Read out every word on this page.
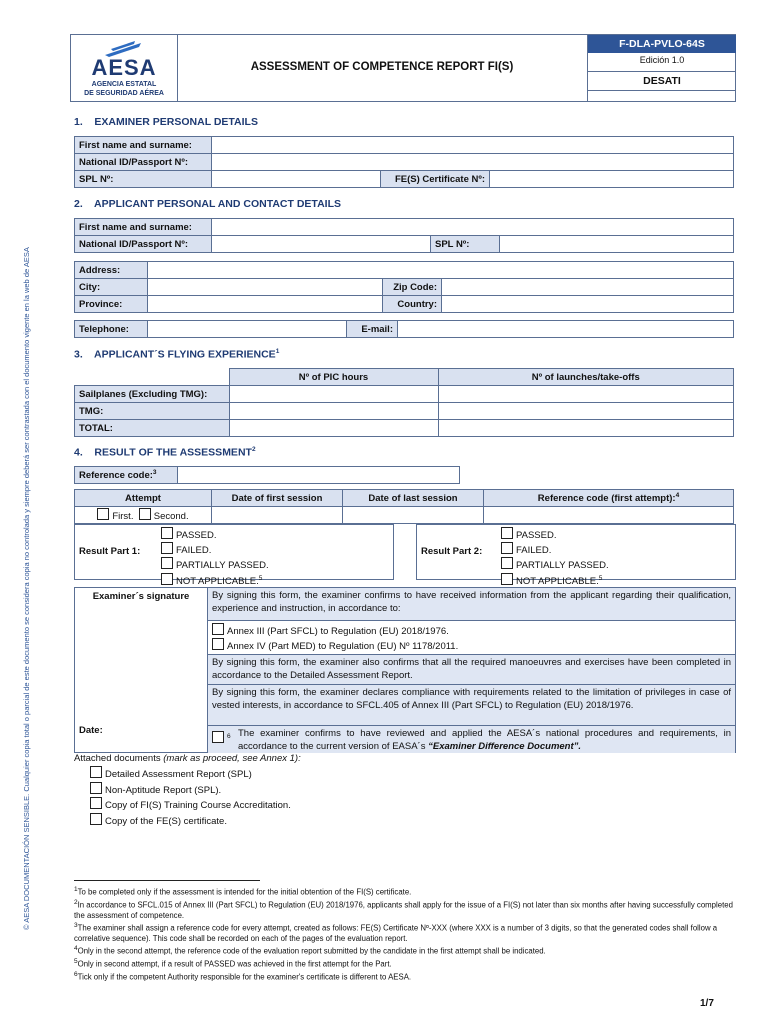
© AESA DOCUMENTACIÓN SENSIBLE. Cualquier copia total o parcial de este documento se considera copia no controlada y siempre deberá ser contrastada con el documento vigente en la web de AESA
AESA
AGENCIA ESTATAL
DE SEGURIDAD AÉREA
ASSESSMENT OF COMPETENCE REPORT FI(S)
F-DLA-PVLO-64S
Edición 1.0
DESATI
1.    EXAMINER PERSONAL DETAILS
First name and surname:			
National ID/Passport Nº:			
SPL Nº:		FE(S) Certificate Nº:	
2.    APPLICANT PERSONAL AND CONTACT DETAILS
First name and surname:			
National ID/Passport Nº:		SPL Nº:	
Address:			
City:		Zip Code:	
Province:		Country:	
Telephone:		E-mail:	
3.    APPLICANT´S FLYING EXPERIENCE$^1$
	Nº of PIC hours	Nº of launches/take-offs
Sailplanes (Excluding TMG):		
TMG:		
TOTAL:		
4.    RESULT OF THE ASSESSMENT$^2$
Reference code:$^3$	
Attempt	Date of first session	Date of last session	Reference code (first attempt):$^4$
First. Second.			
Result Part 1:
PASSED.
FAILED.
PARTIALLY PASSED.
NOT APPLICABLE.$^5$
Result Part 2:
PASSED.
FAILED.
PARTIALLY PASSED.
NOT APPLICABLE.$^5$
Examiner´s signature
Date:
By signing this form, the examiner confirms to have received information from the applicant regarding their qualification, experience and instruction, in accordance to:
Annex III (Part SFCL) to Regulation (EU) 2018/1976.
Annex IV (Part MED) to Regulation (EU) Nº 1178/2011.
By signing this form, the examiner also confirms that all the required manoeuvres and exercises have been completed in accordance to the Detailed Assessment Report.
By signing this form, the examiner declares compliance with requirements related to the limitation of privileges in case of vested interests, in accordance to SFCL.405 of Annex III (Part SFCL) to Regulation (EU) 2018/1976.
$^6$ The examiner confirms to have reviewed and applied the AESA´s national procedures and requirements, in accordance to the current version of EASA´s “Examiner Difference Document”.
Attached documents (mark as proceed, see Annex 1):
Detailed Assessment Report (SPL)
Non-Aptitude Report (SPL).
Copy of FI(S) Training Course Accreditation.
Copy of the FE(S) certificate.
$^1$To be completed only if the assessment is intended for the initial obtention of the FI(S) certificate.
$^2$In accordance to SFCL.015 of Annex III (Part SFCL) to Regulation (EU) 2018/1976, applicants shall apply for the issue of a FI(S) not later than six months after having successfully completed the assessment of competence.
$^3$The examiner shall assign a reference code for every attempt, created as follows: FE(S) Certificate Nº-XXX (where XXX is a number of 3 digits, so that the generated codes shall follow a correlative sequence). This code shall be recorded on each of the pages of the evaluation report.
$^4$Only in the second attempt, the reference code of the evaluation report submitted by the candidate in the first attempt shall be indicated.
$^5$Only in second attempt, if a result of PASSED was achieved in the first attempt for the Part.
$^6$Tick only if the competent Authority responsible for the examiner's certificate is different to AESA.
1/7
